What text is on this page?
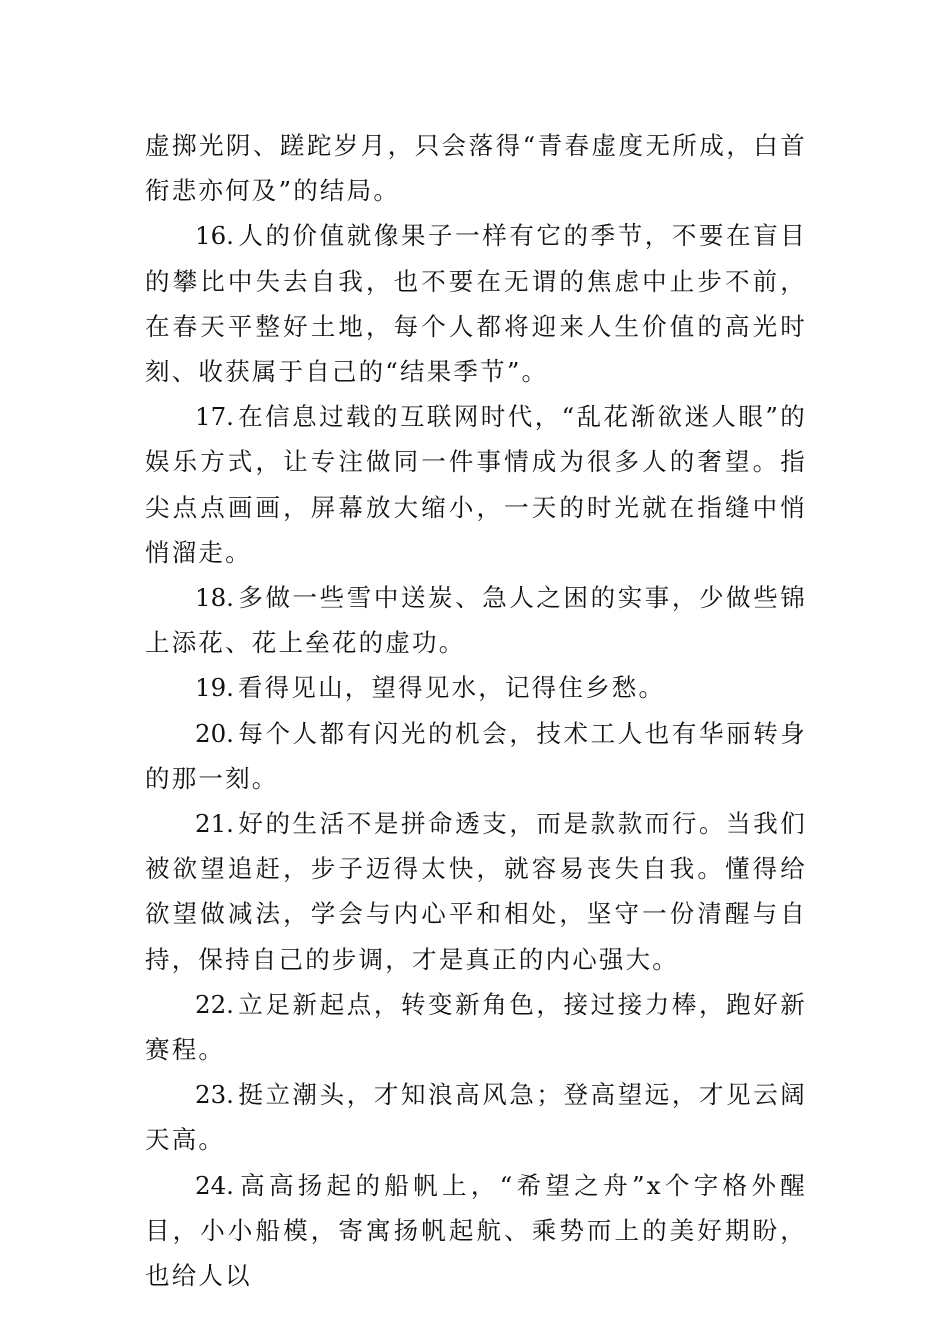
虚掷光阴、蹉跎岁月，只会落得“青春虚度无所成，白首衔悲亦何及”的结局。

16. 人的价值就像果子一样有它的季节，不要在盲目的攀比中失去自我，也不要在无谓的焦虑中止步不前，在春天平整好土地，每个人都将迎来人生价值的高光时刻、收获属于自己的“结果季节”。

17. 在信息过载的互联网时代，“乱花渐欲迷人眼”的娱乐方式，让专注做同一件事情成为很多人的奢望。指尖点点画画，屏幕放大缩小，一天的时光就在指缝中悄悄溜走。

18. 多做一些雪中送炭、急人之困的实事，少做些锦上添花、花上垒花的虚功。

19. 看得见山，望得见水，记得住乡愁。

20. 每个人都有闪光的机会，技术工人也有华丽转身的那一刻。

21. 好的生活不是拼命透支，而是款款而行。当我们被欲望追赶，步子迈得太快，就容易丧失自我。懂得给欲望做减法，学会与内心平和相处，坚守一份清醒与自持，保持自己的步调，才是真正的内心强大。

22. 立足新起点，转变新角色，接过接力棒，跑好新赛程。

23. 挺立潮头，才知浪高风急；登高望远，才见云阔天高。

24. 高高扬起的船帆上，“希望之舟”x个字格外醒目，小小船模，寄寓扬帆起航、乘势而上的美好期盼，也给人以
